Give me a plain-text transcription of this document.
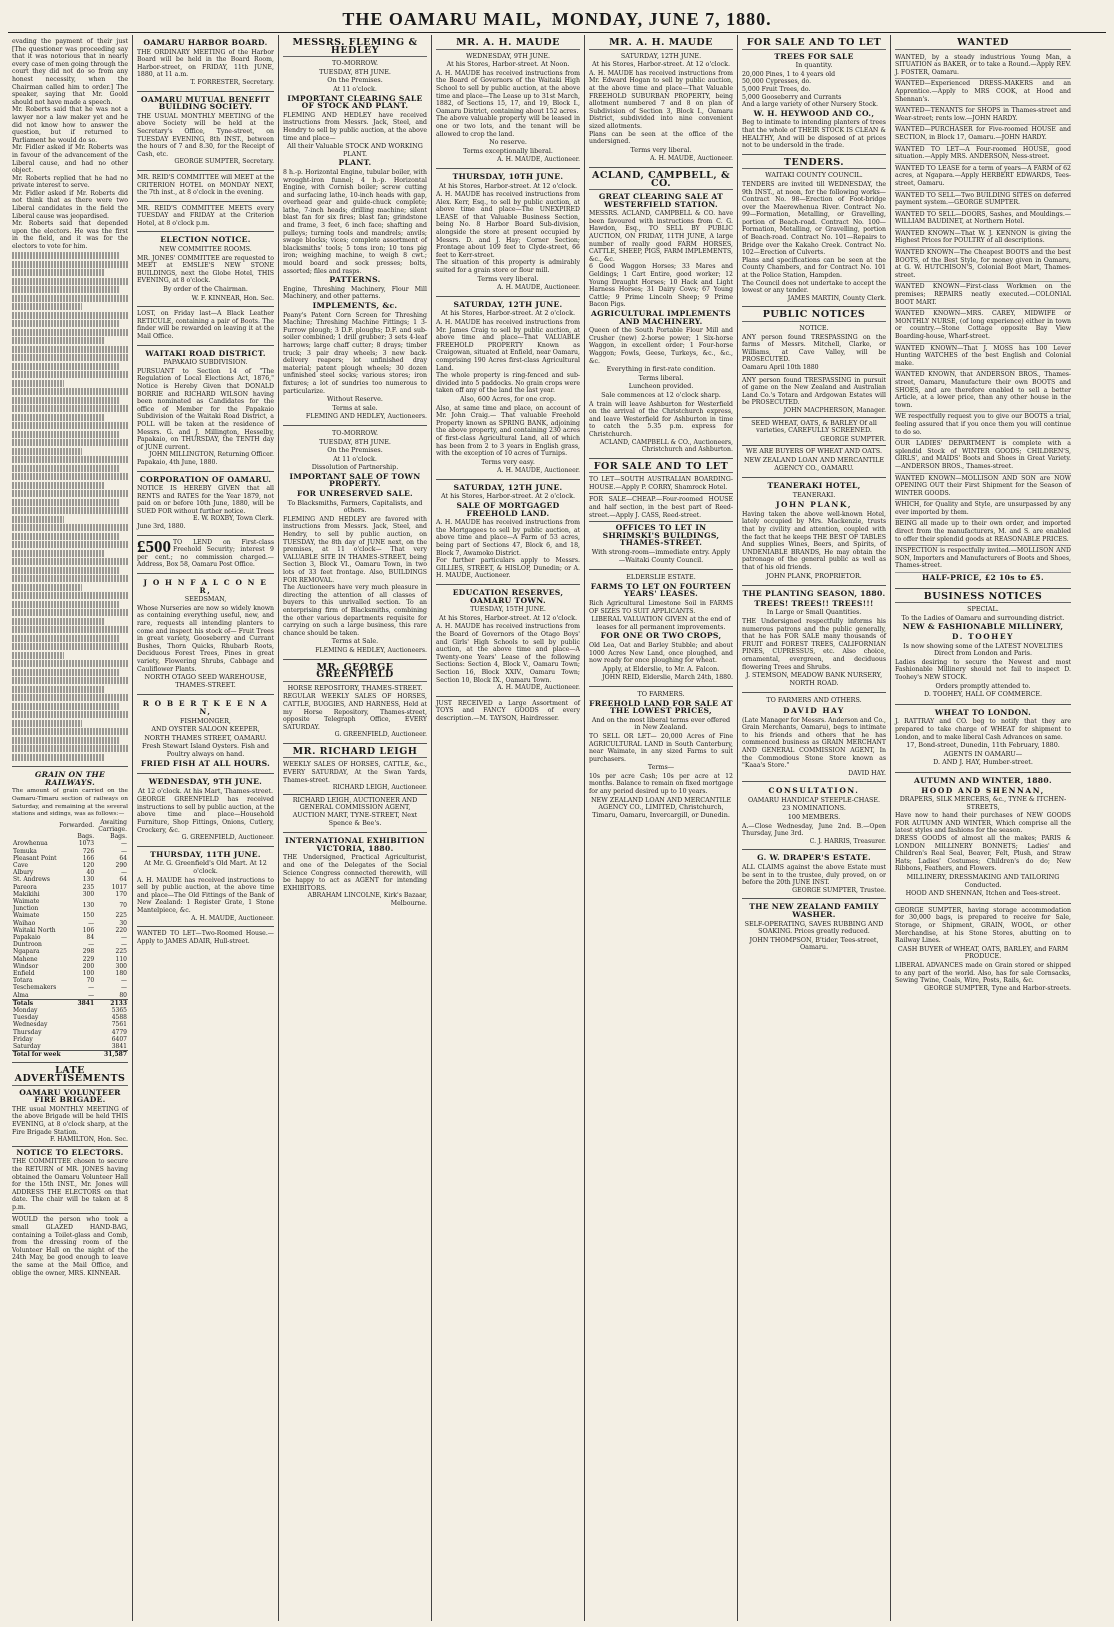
THE OAMARU MAIL, MONDAY, JUNE 7, 1880.
evading the payment of their just [The questioner was proceeding say that it was notorious that in nearly every case of men going through the court they did not do so from any honest necessity, when the Chairman called him to order.] The speaker, saying that Mr. Goold should not have made a speech.
Mr. Roberts said that he was not a lawyer nor a law maker yet and he did not know how to answer the question, but if returned to Parliament he would do so.
Mr. Fidler asked if Mr. Roberts was in favour of the advancement of the Liberal cause, and had no other object.
Mr. Roberts replied that he had no private interest to serve.
Mr. Fidler asked if Mr. Roberts did not think that as there were two Liberal candidates in the field the Liberal cause was jeopardised.
Mr. Roberts said that depended upon the electors. He was the first in the field, and it was for the electors to vote for him.
GRAIN ON THE RAILWAYS.
The amount of grain carried on the Oamaru-Timaru section of railways on Saturday, and remaining at the several stations and sidings, was as follows:—
	Forwarded.	Awaiting Carriage.
	Bags.	Bags.
Arowhenua	1073	—
Temuka	726	—
Pleasant Point	166	64
Cave	120	290
Albury	40	—
St. Andrews	130	64
Pareora	235	1017
Makikihi	300	170
Waimate Junction	130	70
Waimate	150	225
Waihao	—	30
Waitaki North	106	220
Papakaio	84	—
Duntroon	—	—
Ngapara	298	225
Mahene	229	110
Windsor	200	300
Enfield	100	180
Totara	70	—
Teschemakers	—	—
Alma	—	80
Totals	3841	2133
Monday	5365
Tuesday	4588
Wednesday	7561
Thursday	4779
Friday	6407
Saturday	3841
Total for week	31,587
LATE ADVERTISEMENTS
OAMARU VOLUNTEER FIRE BRIGADE.
THE usual MONTHLY MEETING of the above Brigade will be held THIS EVENING, at 8 o'clock sharp, at the Fire Brigade Station.
F. HAMILTON, Hon. Sec.
NOTICE TO ELECTORS.
THE COMMITTEE chosen to secure the RETURN of MR. JONES having obtained the Oamaru Volunteer Hall for the 15th INST., Mr. Jones will ADDRESS THE ELECTORS on that date. The chair will be taken at 8 p.m.
WOULD the person who took a small GLAZED HAND-BAG, containing a Toilet-glass and Comb, from the dressing room of the Volunteer Hall on the night of the 24th May, be good enough to leave the same at the Mail Office, and oblige the owner, MRS. KINNEAR.
OAMARU HARBOR BOARD.
THE ORDINARY MEETING of the Harbor Board will be held in the Board Room, Harbor-street, on FRIDAY, 11th JUNE, 1880, at 11 a.m.
T. FORRESTER, Secretary.
OAMARU MUTUAL BENEFIT BUILDING SOCIETY.
THE USUAL MONTHLY MEETING of the above Society will be held at the Secretary's Office, Tyne-street, on TUESDAY EVENING, 8th INST., between the hours of 7 and 8.30, for the Receipt of Cash, etc.
GEORGE SUMPTER, Secretary.
MR. REID'S COMMITTEE will MEET at the CRITERION HOTEL on MONDAY NEXT, the 7th inst., at 8 o'clock in the evening.
MR. REID'S COMMITTEE MEETS every TUESDAY and FRIDAY at the Criterion Hotel, at 8 o'clock p.m.
ELECTION NOTICE.
NEW COMMITTEE ROOMS.
MR. JONES' COMMITTEE are requested to MEET at EMSLIE'S NEW STONE BUILDINGS, next the Globe Hotel, THIS EVENING, at 8 o'clock.
By order of the Chairman.
W. F. KINNEAR, Hon. Sec.
LOST, on Friday last—A Black Leather RETICULE, containing a pair of Boots. The finder will be rewarded on leaving it at the Mail Office.
WAITAKI ROAD DISTRICT.
PAPAKAIO SUBDIVISION.
PURSUANT to Section 14 of "The Regulation of Local Elections Act, 1876," Notice is Hereby Given that DONALD BORRIE and RICHARD WILSON having been nominated as Candidates for the office of Member for the Papakaio Subdivision of the Waitaki Road District, a POLL will be taken at the residence of Messrs. G. and J. Millington, Hesselby, Papakaio, on THURSDAY, the TENTH day of JUNE current.
JOHN MILLINGTON, Returning Officer.
Papakaio, 4th June, 1880.
CORPORATION OF OAMARU.
NOTICE IS HEREBY GIVEN that all RENTS and RATES for the Year 1879, not paid on or before 10th June, 1880, will be SUED FOR without further notice.
E. W. ROXBY, Town Clerk.
June 3rd, 1880.
£500 TO LEND on First-class Freehold Security; interest 9 per cent.; no commission charged.—Address, Box 58, Oamaru Post Office.
J O H N F A L C O N E R,
SEEDSMAN,
Whose Nurseries are now so widely known as containing everything useful, new, and rare, requests all intending planters to come and inspect his stock of— Fruit Trees in great variety, Gooseberry and Currant Bushes, Thorn Quicks, Rhubarb Roots, Deciduous Forest Trees, Pines in great variety, Flowering Shrubs, Cabbage and Cauliflower Plants.
NORTH OTAGO SEED WAREHOUSE, THAMES-STREET.
R O B E R T K E E N A N,
FISHMONGER,
AND OYSTER SALOON KEEPER,
NORTH THAMES STREET, OAMARU.
Fresh Stewart Island Oysters. Fish and Poultry always on hand.
FRIED FISH AT ALL HOURS.
WEDNESDAY, 9TH JUNE.
At 12 o'clock. At his Mart, Thames-street.
GEORGE GREENFIELD has received instructions to sell by public auction, at the above time and place—Household Furniture, Shop Fittings, Onions, Cutlery, Crockery, &c.
G. GREENFIELD, Auctioneer.
THURSDAY, 11TH JUNE.
At Mr. G. Greenfield's Old Mart. At 12 o'clock.
A. H. MAUDE has received instructions to sell by public auction, at the above time and place—The Old Fittings of the Bank of New Zealand: 1 Register Grate, 1 Stone Mantelpiece, &c.
A. H. MAUDE, Auctioneer.
WANTED TO LET—Two-Roomed House.—Apply to JAMES ADAIR, Hull-street.
MESSRS. FLEMING & HEDLEY
TO-MORROW.
TUESDAY, 8TH JUNE.
On the Premises.
At 11 o'clock.
IMPORTANT CLEARING SALE OF STOCK AND PLANT.
FLEMING AND HEDLEY have received instructions from Messrs. Jack, Steel, and Hendry to sell by public auction, at the above time and place—
All their Valuable STOCK AND WORKING PLANT.
PLANT.
8 h.-p. Horizontal Engine, tubular boiler, with wrought-iron funnel; 4 h.-p. Horizontal Engine, with Cornish boiler; screw cutting and surfacing lathe, 10-inch heads with gap, overhead gear and guide-chuck complete; lathe, 7-inch heads; drilling machine; silent blast fan for six fires; blast fan; grindstone and frame, 3 feet, 6 inch face; shafting and pulleys; turning tools and mandrels; anvils; swage blocks; vices; complete assortment of blacksmiths' tools; 5 tons iron; 10 tons pig iron; weighing machine, to weigh 8 cwt.; mould board and sock presses; bolts, assorted; files and rasps.
PATTERNS.
Engine, Threshing Machinery, Flour Mill Machinery, and other patterns.
IMPLEMENTS, &c.
Peany's Patent Corn Screen for Threshing Machine; Threshing Machine Fittings; 1 3-Furrow plough; 3 D.F. ploughs; D.F. and sub-soiler combined; 1 drill grubber; 3 sets 4-leaf harrows; large chaff cutter; 8 drays; timber truck; 3 pair dray wheels; 3 new back-delivery reapers; lot unfinished dray material; patent plough wheels; 30 dozen unfinished steel socks; various stores; iron fixtures; a lot of sundries too numerous to particularize.
Without Reserve.
Terms at sale.
FLEMING AND HEDLEY, Auctioneers.
TO-MORROW.
TUESDAY, 8TH JUNE.
On the Premises.
At 11 o'clock.
Dissolution of Partnership.
IMPORTANT SALE OF TOWN PROPERTY.
FOR UNRESERVED SALE.
To Blacksmiths, Farmers, Capitalists, and others.
FLEMING AND HEDLEY are favored with instructions from Messrs. Jack, Steel, and Hendry, to sell by public auction, on TUESDAY, the 8th day of JUNE next, on the premises, at 11 o'clock— That very VALUABLE SITE IN THAMES-STREET, being Section 3, Block VI., Oamaru Town, in two lots of 33 feet frontage. Also, BUILDINGS FOR REMOVAL.
The Auctioneers have very much pleasure in directing the attention of all classes of buyers to this unrivalled section. To an enterprising firm of Blacksmiths, combining the other various departments requisite for carrying on such a large business, this rare chance should be taken.
Terms at Sale.
FLEMING & HEDLEY, Auctioneers.
MR. GEORGE GREENFIELD
HORSE REPOSITORY, THAMES-STREET.
REGULAR WEEKLY SALES OF HORSES, CATTLE, BUGGIES, AND HARNESS, Held at my Horse Repository, Thames-street, opposite Telegraph Office, EVERY SATURDAY.
G. GREENFIELD, Auctioneer.
MR. RICHARD LEIGH
WEEKLY SALES OF HORSES, CATTLE, &c., EVERY SATURDAY, At the Swan Yards, Thames-street.
RICHARD LEIGH, Auctioneer.
RICHARD LEIGH, AUCTIONEER AND GENERAL COMMISSION AGENT, AUCTION MART, TYNE-STREET, Next Spence & Bee's.
INTERNATIONAL EXHIBITION VICTORIA, 1880.
THE Undersigned, Practical Agriculturist, and one of the Delegates of the Social Science Congress connected therewith, will be happy to act as AGENT for intending EXHIBITORS.
ABRAHAM LINCOLNE, Kirk's Bazaar, Melbourne.
MR. A. H. MAUDE
WEDNESDAY, 9TH JUNE.
At his Stores, Harbor-street. At Noon.
A. H. MAUDE has received instructions from the Board of Governors of the Waitaki High School to sell by public auction, at the above time and place—The Lease up to 31st March, 1882, of Sections 15, 17, and 19, Block I., Oamaru District, containing about 152 acres.
The above valuable property will be leased in one or two lots, and the tenant will be allowed to crop the land.
No reserve.
Terms exceptionally liberal.
A. H. MAUDE, Auctioneer.
THURSDAY, 10TH JUNE.
At his Stores, Harbor-street. At 12 o'clock.
A. H. MAUDE has received instructions from Alex. Kerr, Esq., to sell by public auction, at above time and place—The UNEXPIRED LEASE of that Valuable Business Section, being No. 8 Harbor Board Sub-division, alongside the store at present occupied by Messrs. D. and J. Hay; Corner Section; Frontage about 109 feet to Clyde-street, 66 feet to Kerr-street.
The situation of this property is admirably suited for a grain store or flour mill.
Terms very liberal.
A. H. MAUDE, Auctioneer.
SATURDAY, 12TH JUNE.
At his Stores, Harbor-street. At 2 o'clock.
A. H. MAUDE has received instructions from Mr. James Craig to sell by public auction, at above time and place—That VALUABLE FREEHOLD PROPERTY Known as Craigowan, situated at Enfield, near Oamaru, comprising 190 Acres first-class Agricultural Land.
The whole property is ring-fenced and sub-divided into 5 paddocks. No grain crops were taken off any of the land the last year.
Also, 600 Acres, for one crop.
Also, at same time and place, on account of Mr. John Craig.— That valuable Freehold Property known as SPRING BANK, adjoining the above property, and containing 230 acres of first-class Agricultural Land, all of which has been from 2 to 3 years in English grass, with the exception of 10 acres of Turnips.
Terms very easy.
A. H. MAUDE, Auctioneer.
SATURDAY, 12TH JUNE.
At his Stores, Harbor-street. At 2 o'clock.
SALE OF MORTGAGED FREEHOLD LAND.
A. H. MAUDE has received instructions from the Mortgagees to sell by public auction, at above time and place—A Farm of 53 acres, being part of Sections 47, Block 6, and 18, Block 7, Awamoko District.
For further particulars apply to Messrs. GILLIES, STREET, & HISLOP, Dunedin; or A. H. MAUDE, Auctioneer.
EDUCATION RESERVES, OAMARU TOWN.
TUESDAY, 15TH JUNE.
At his Stores, Harbor-street. At 12 o'clock.
A. H. MAUDE has received instructions from the Board of Governors of the Otago Boys' and Girls' High Schools to sell by public auction, at the above time and place—A Twenty-one Years' Lease of the following Sections: Section 4, Block V., Oamaru Town; Section 16, Block XXIV., Oamaru Town; Section 10, Block IX., Oamaru Town.
A. H. MAUDE, Auctioneer.
JUST RECEIVED a Large Assortment of TOYS and FANCY GOODS of every description.—M. TAYSON, Hairdresser.
MR. A. H. MAUDE
SATURDAY, 12TH JUNE.
At his Stores, Harbor-street. At 12 o'clock.
A. H. MAUDE has received instructions from Mr. Edward Hogan to sell by public auction, at the above time and place—That Valuable FREEHOLD SUBURBAN PROPERTY, being allotment numbered 7 and 8 on plan of Subdivision of Section 3, Block I., Oamaru District, subdivided into nine convenient sized allotments.
Plans can be seen at the office of the undersigned.
Terms very liberal.
A. H. MAUDE, Auctioneer.
ACLAND, CAMPBELL, & CO.
GREAT CLEARING SALE AT WESTERFIELD STATION.
MESSRS. ACLAND, CAMPBELL & CO. have been favoured with instructions from C. G. Hawdon, Esq., TO SELL BY PUBLIC AUCTION, ON FRIDAY, 11TH JUNE, A large number of really good FARM HORSES, CATTLE, SHEEP, PIGS, FARM IMPLEMENTS, &c., &c.
6 Good Waggon Horses; 33 Mares and Geldings; 1 Cart Entire, good worker; 12 Young Draught Horses; 10 Hack and Light Harness Horses; 31 Dairy Cows; 67 Young Cattle; 9 Prime Lincoln Sheep; 9 Prime Bacon Pigs.
AGRICULTURAL IMPLEMENTS AND MACHINERY.
Queen of the South Portable Flour Mill and Crusher (new) 2-horse power; 1 Six-horse Waggon, in excellent order; 1 Four-horse Waggon; Fowls, Geese, Turkeys, &c., &c., &c.
Everything in first-rate condition.
Terms liberal.
Luncheon provided.
Sale commences at 12 o'clock sharp.
A train will leave Ashburton for Westerfield on the arrival of the Christchurch express, and leave Westerfield for Ashburton in time to catch the 5.35 p.m. express for Christchurch.
ACLAND, CAMPBELL & CO., Auctioneers, Christchurch and Ashburton.
FOR SALE AND TO LET
TO LET—SOUTH AUSTRALIAN BOARDING-HOUSE.—Apply P. CORRY, Shamrock Hotel.
FOR SALE—CHEAP.—Four-roomed HOUSE and half section, in the best part of Reed-street.—Apply J. CASS, Reed-street.
OFFICES TO LET IN SHRIMSKI'S BUILDINGS, THAMES-STREET.
With strong-room—immediate entry. Apply—Waitaki County Council.
ELDERSLIE ESTATE.
FARMS TO LET ON FOURTEEN YEARS' LEASES.
Rich Agricultural Limestone Soil in FARMS OF SIZES TO SUIT APPLICANTS.
LIBERAL VALUATION GIVEN at the end of leases for all permanent improvements.
FOR ONE OR TWO CROPS,
Old Lea, Oat and Barley Stubble; and about 1000 Acres New Land, once ploughed, and now ready for once ploughing for wheat.
Apply, at Elderslie, to Mr. A. Falcon.
JOHN REID, Elderslie, March 24th, 1880.
TO FARMERS.
FREEHOLD LAND FOR SALE AT THE LOWEST PRICES,
And on the most liberal terms ever offered in New Zealand.
TO SELL OR LET— 20,000 Acres of Fine AGRICULTURAL LAND in South Canterbury, near Waimate, in any sized Farms to suit purchasers.
Terms—
10s per acre Cash; 10s per acre at 12 months. Balance to remain on fixed mortgage for any period desired up to 10 years.
NEW ZEALAND LOAN AND MERCANTILE AGENCY CO., LIMITED, Christchurch, Timaru, Oamaru, Invercargill, or Dunedin.
FOR SALE AND TO LET
TREES FOR SALE
In quantity.
20,000 Pines, 1 to 4 years old
50,000 Cypresses, do.
5,000 Fruit Trees, do.
5,000 Gooseberry and Currants
And a large variety of other Nursery Stock.
W. H. HEYWOOD AND CO.,
Beg to intimate to intending planters of trees that the whole of THEIR STOCK IS CLEAN & HEALTHY, And will be disposed of at prices not to be undersold in the trade.
TENDERS.
WAITAKI COUNTY COUNCIL.
TENDERS are invited till WEDNESDAY, the 9th INST., at noon, for the following works— Contract No. 98—Erection of Foot-bridge over the Maerewhenua River. Contract No. 99—Formation, Metalling, or Gravelling, portion of Beach-road. Contract No. 100—Formation, Metalling, or Gravelling, portion of Beach-road. Contract No. 101—Repairs to Bridge over the Kakaho Creek. Contract No. 102—Erection of Culverts.
Plans and specifications can be seen at the County Chambers, and for Contract No. 101 at the Police Station, Hampden.
The Council does not undertake to accept the lowest or any tender.
JAMES MARTIN, County Clerk.
PUBLIC NOTICES
NOTICE.
ANY person found TRESPASSING on the farms of Messrs. Mitchell, Clarke, or Williams, at Cave Valley, will be PROSECUTED.
Oamaru April 10th 1880
ANY person found TRESPASSING in pursuit of game on the New Zealand and Australian Land Co.'s Totara and Ardgowan Estates will be PROSECUTED.
JOHN MACPHERSON, Manager.
SEED WHEAT, OATS, & BARLEY Of all varieties, CAREFULLY SCREENED.
GEORGE SUMPTER.
WE ARE BUYERS OF WHEAT AND OATS.
NEW ZEALAND LOAN AND MERCANTILE AGENCY CO., OAMARU.
TEANERAKI HOTEL,
TEANERAKI.
JOHN PLANK,
Having taken the above well-known Hotel, lately occupied by Mrs. Mackenzie, trusts that by civility and attention, coupled with the fact that he keeps THE BEST OF TABLES And supplies Wines, Beers, and Spirits, of UNDENIABLE BRANDS, He may obtain the patronage of the general public as well as that of his old friends.
JOHN PLANK, PROPRIETOR.
THE PLANTING SEASON, 1880.
TREES! TREES!! TREES!!!
In Large or Small Quantities.
THE Undersigned respectfully informs his numerous patrons and the public generally, that he has FOR SALE many thousands of FRUIT and FOREST TREES, CALIFORNIAN PINES, CUPRESSUS, etc. Also choice, ornamental, evergreen, and deciduous flowering Trees and Shrubs.
J. STEMSON, MEADOW BANK NURSERY, NORTH ROAD.
TO FARMERS AND OTHERS.
DAVID HAY
(Late Manager for Messrs. Anderson and Co., Grain Merchants, Oamaru), begs to intimate to his friends and others that he has commenced business as GRAIN MERCHANT AND GENERAL COMMISSION AGENT, In the Commodious Stone Store known as "Kaaa's Store."
DAVID HAY.
CONSULTATION.
OAMARU HANDICAP STEEPLE-CHASE.
23 NOMINATIONS.
100 MEMBERS.
A.—Close Wednesday, June 2nd. B.—Open Thursday, June 3rd.
C. J. HARRIS, Treasurer.
G. W. DRAPER'S ESTATE.
ALL CLAIMS against the above Estate must be sent in to the trustee, duly proved, on or before the 20th JUNE INST.
GEORGE SUMPTER, Trustee.
THE NEW ZEALAND FAMILY WASHER.
SELF-OPERATING, SAVES RUBBING AND SOAKING. Prices greatly reduced.
JOHN THOMPSON, B'tider, Tees-street, Oamaru.
WANTED
WANTED, by a steady industrious Young Man, a SITUATION as BAKER, or to take a Round.—Apply REV. J. FOSTER, Oamaru.
WANTED—Experienced DRESS-MAKERS and an Apprentice.—Apply to MRS COOK, at Hood and Shennan's.
WANTED—TENANTS for SHOPS in Thames-street and Wear-street; rents low.—JOHN HARDY.
WANTED—PURCHASER for Five-roomed HOUSE and SECTION, in Block 17, Oamaru.—JOHN HARDY.
WANTED TO LET—A Four-roomed HOUSE, good situation.—Apply MRS. ANDERSON, Ness-street.
WANTED TO LEASE for a term of years—A FARM of 62 acres, at Ngapara.—Apply HERBERT EDWARDS, Tees-street, Oamaru.
WANTED TO SELL—Two BUILDING SITES on deferred payment system.—GEORGE SUMPTER.
WANTED TO SELL—DOORS, Sashes, and Mouldings.—WILLIAM BAUDINET, at Northern Hotel.
WANTED KNOWN—That W. J. KENNON is giving the Highest Prices for POULTRY of all descriptions.
WANTED KNOWN—The Cheapest BOOTS and the best BOOTS, of the Best Style, for money given in Oamaru, at G. W. HUTCHISON'S, Colonial Boot Mart, Thames-street.
WANTED KNOWN—First-class Workmen on the premises; REPAIRS neatly executed.—COLONIAL BOOT MART.
WANTED KNOWN—MRS. CAREY, MIDWIFE or MONTHLY NURSE, (of long experience) either in town or country.—Stone Cottage opposite Bay View Boarding-house, Wharf-street.
WANTED KNOWN—That J. MOSS has 100 Lever Hunting WATCHES of the best English and Colonial make.
WANTED KNOWN, that ANDERSON BROS., Thames-street, Oamaru, Manufacture their own BOOTS and SHOES, and are therefore enabled to sell a better Article, at a lower price, than any other house in the town.
WE respectfully request you to give our BOOTS a trial, feeling assured that if you once them you will continue to do so.
OUR LADIES' DEPARTMENT is complete with a splendid Stock of WINTER GOODS; CHILDREN'S, GIRLS', and MAIDS' Boots and Shoes in Great Variety.—ANDERSON BROS., Thames-street.
WANTED KNOWN—MOLLISON AND SON are NOW OPENING OUT their First Shipment for the Season of WINTER GOODS.
WHICH, for Quality and Style, are unsurpassed by any ever imported by them.
BEING all made up to their own order, and imported direct from the manufacturers, M. and S. are enabled to offer their splendid goods at REASONABLE PRICES.
INSPECTION is respectfully invited.—MOLLISON AND SON, Importers and Manufacturers of Boots and Shoes, Thames-street.
HALF-PRICE, £2 10s to £5.
BUSINESS NOTICES
SPECIAL.
To the Ladies of Oamaru and surrounding district.
NEW & FASHIONABLE MILLINERY,
D. TOOHEY
Is now showing some of the LATEST NOVELTIES Direct from London and Paris.
Ladies desiring to secure the Newest and most Fashionable Millinery should not fail to inspect D. Toohey's NEW STOCK.
Orders promptly attended to.
D. TOOHEY, HALL OF COMMERCE.
WHEAT TO LONDON.
J. RATTRAY and CO. beg to notify that they are prepared to take charge of WHEAT for shipment to London, and to make liberal Cash Advances on same.
17, Bond-street, Dunedin, 11th February, 1880.
AGENTS IN OAMARU—
D. AND J. HAY, Humber-street.
AUTUMN AND WINTER, 1880.
HOOD AND SHENNAN,
DRAPERS, SILK MERCERS, &c., TYNE & ITCHEN-STREETS,
Have now to hand their purchases of NEW GOODS FOR AUTUMN AND WINTER, Which comprise all the latest styles and fashions for the season.
DRESS GOODS of almost all the makes; PARIS & LONDON MILLINERY BONNETS; Ladies' and Children's Real Seal, Beaver, Felt, Plush, and Straw Hats; Ladies' Costumes; Children's do do; New Ribbons, Feathers, and Flowers.
MILLINERY, DRESSMAKING AND TAILORING Conducted.
HOOD AND SHENNAN, Itchen and Tees-street.
GEORGE SUMPTER, having storage accommodation for 30,000 bags, is prepared to receive for Sale, Storage, or Shipment, GRAIN, WOOL, or other Merchandise, at his Stone Stores, abutting on to Railway Lines.
CASH BUYER of WHEAT, OATS, BARLEY, and FARM PRODUCE.
LIBERAL ADVANCES made on Grain stored or shipped to any part of the world. Also, has for sale Cornsacks, Sewing Twine, Coals, Wire, Posts, Rails, &c.
GEORGE SUMPTER, Tyne and Harbor-streets.
